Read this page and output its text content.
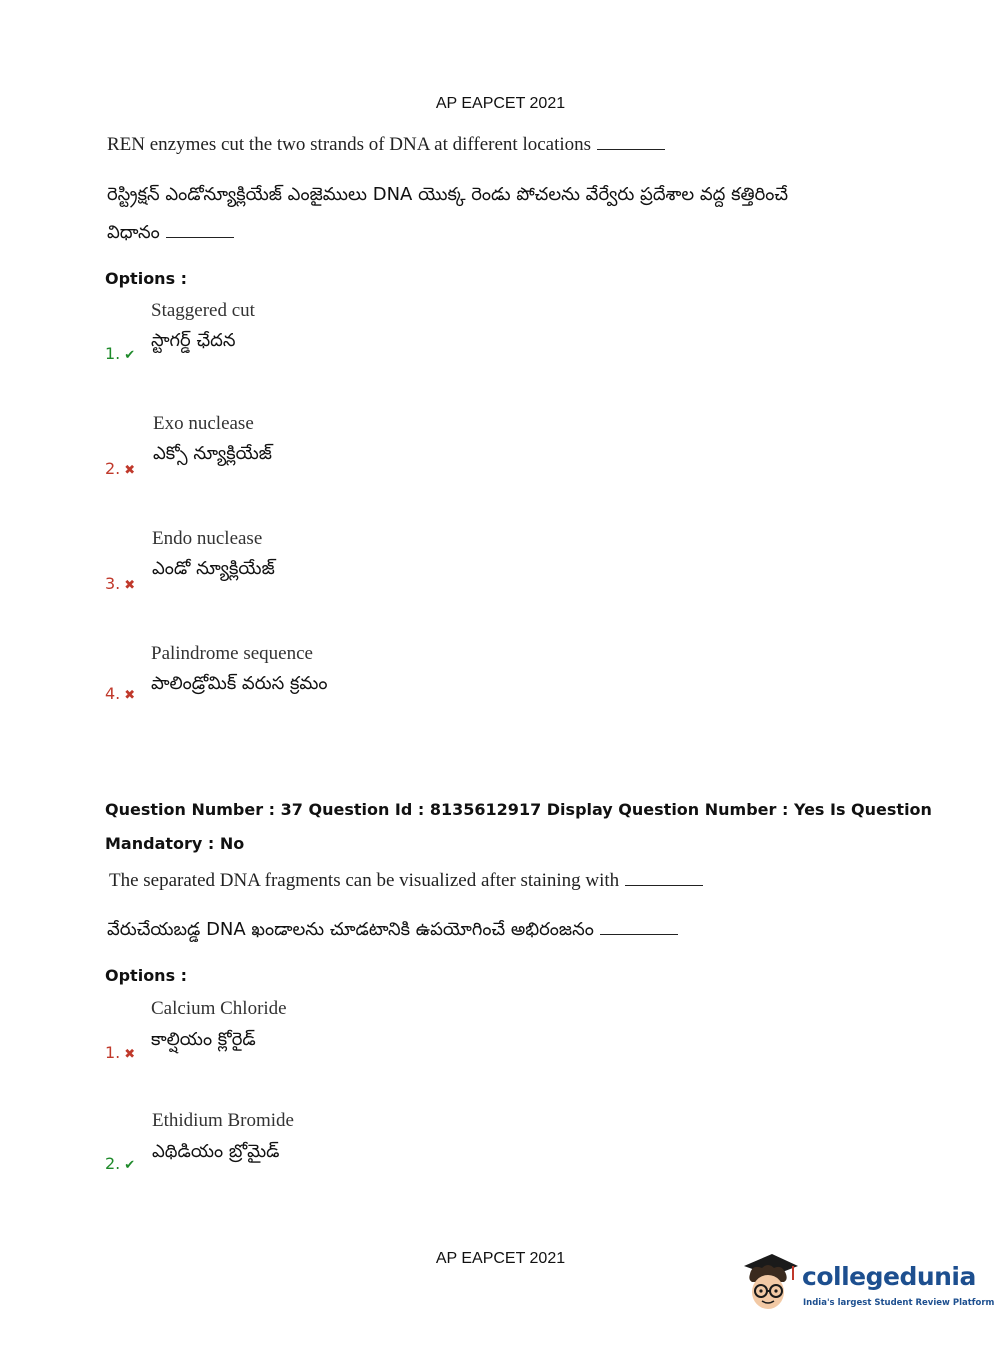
AP EAPCET 2021
REN enzymes cut the two strands of DNA at different locations
రెస్ట్రిక్షన్ ఎండోన్యూక్లియేజ్ ఎంజైములు DNA యొక్క రెండు పోచలను వేర్వేరు ప్రదేశాల వద్ద కత్తిరించే
విధానం
Options :
Staggered cut
స్టాగర్డ్ ఛేదన
1. ✔
Exo nuclease
ఎక్సో న్యూక్లియేజ్
2. ✖
Endo nuclease
ఎండో న్యూక్లియేజ్
3. ✖
Palindrome sequence
పాలిండ్రోమిక్ వరుస క్రమం
4. ✖
Question Number : 37 Question Id : 8135612917 Display Question Number : Yes Is Question
Mandatory : No
The separated DNA fragments can be visualized after staining with
వేరుచేయబడ్డ DNA ఖండాలను చూడటానికి ఉపయోగించే అభిరంజనం
Options :
Calcium Chloride
కాల్షియం క్లోరైడ్
1. ✖
Ethidium Bromide
ఎథిడియం బ్రోమైడ్
2. ✔
AP EAPCET 2021
collegedunia
India's largest Student Review Platform
